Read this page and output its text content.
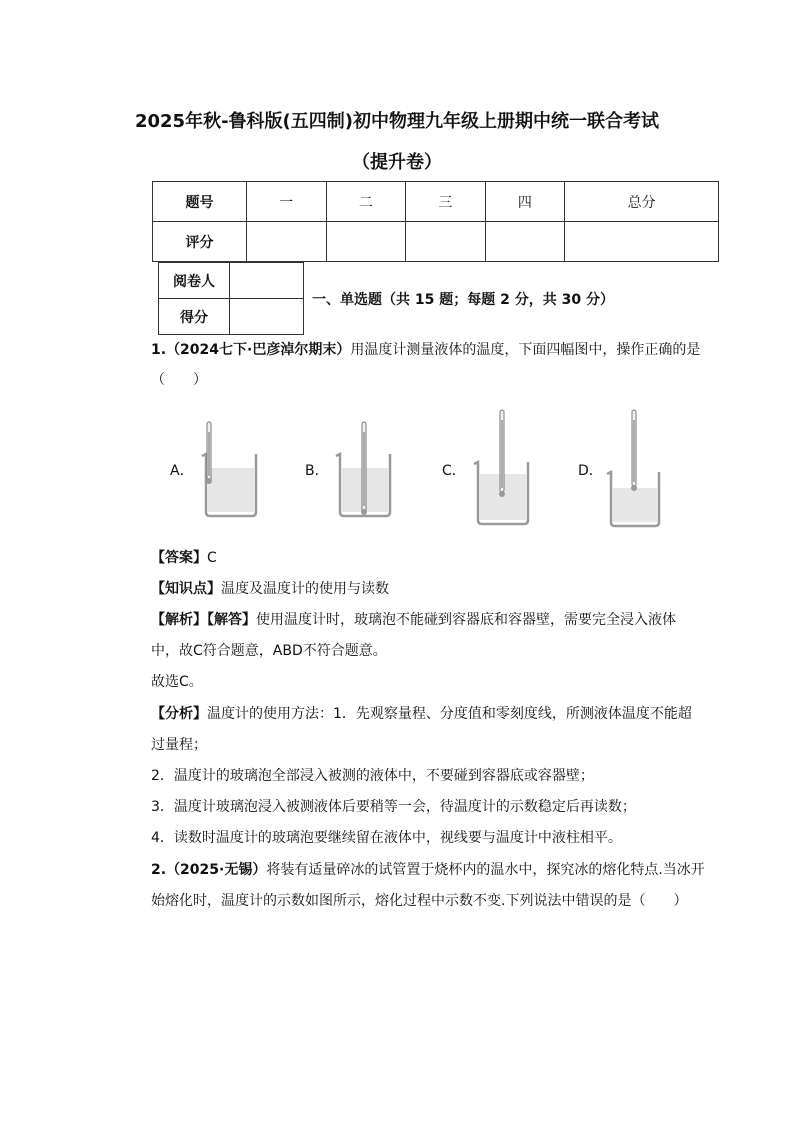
2025年秋-鲁科版(五四制)初中物理九年级上册期中统一联合考试
（提升卷）
题号	一	二	三	四	总分
评分					
阅卷人	
得分	
一、单选题（共 15 题；每题 2 分，共 30 分）
1.（2024七下·巴彦淖尔期末）用温度计测量液体的温度，下面四幅图中，操作正确的是
（　　）
A．	B．	C．	D．
【答案】C
【知识点】温度及温度计的使用与读数
【解析】【解答】使用温度计时，玻璃泡不能碰到容器底和容器壁，需要完全浸入液体
中，故C符合题意，ABD不符合题意。
故选C。
【分析】温度计的使用方法：1．先观察量程、分度值和零刻度线，所测液体温度不能超
过量程；
2．温度计的玻璃泡全部浸入被测的液体中，不要碰到容器底或容器壁；
3．温度计玻璃泡浸入被测液体后要稍等一会，待温度计的示数稳定后再读数；
4．读数时温度计的玻璃泡要继续留在液体中，视线要与温度计中液柱相平。
2.（2025·无锡）将装有适量碎冰的试管置于烧杯内的温水中，探究冰的熔化特点.当冰开
始熔化时，温度计的示数如图所示，熔化过程中示数不变.下列说法中错误的是（　　）
